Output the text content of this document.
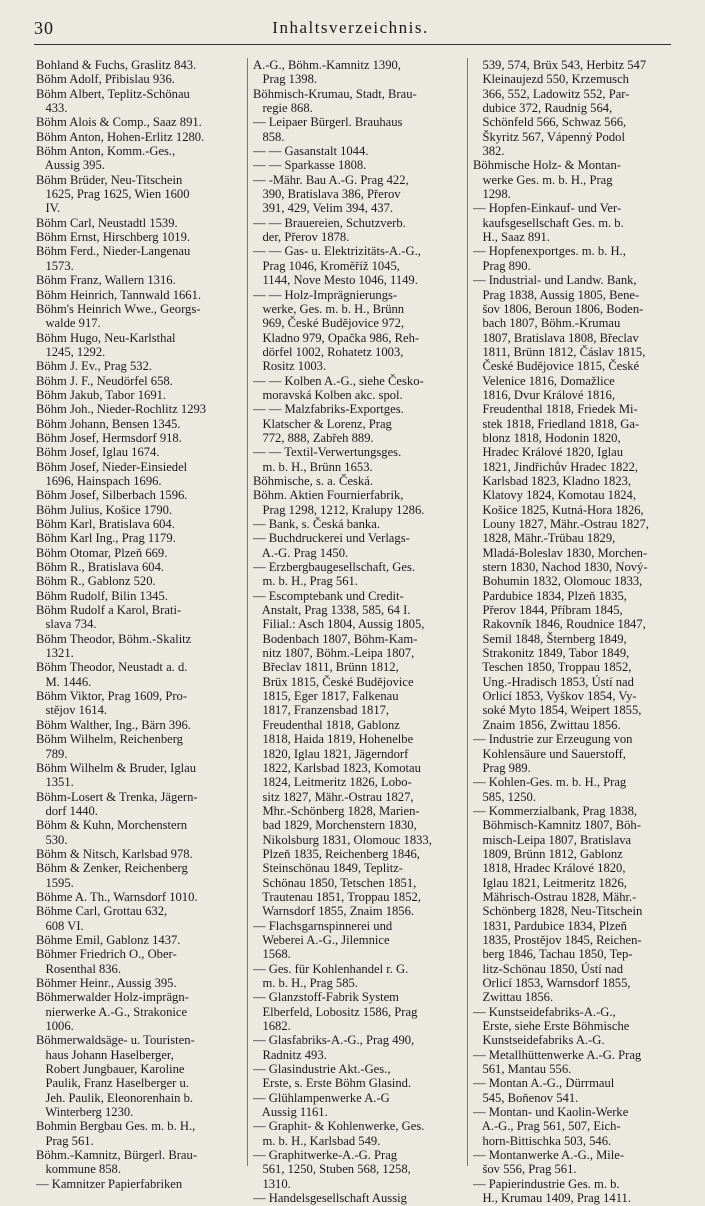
30	Inhaltsverzeichnis.
Bohland & Fuchs, Graslitz 843.
Böhm Adolf, Přibislau 936.
Böhm Albert, Teplitz-Schönau
433.
Böhm Alois & Comp., Saaz 891.
Böhm Anton, Hohen-Erlitz 1280.
Böhm Anton, Komm.-Ges.,
Aussig 395.
Böhm Brüder, Neu-Titschein
1625, Prag 1625, Wien 1600
IV.
Böhm Carl, Neustadtl 1539.
Böhm Ernst, Hirschberg 1019.
Böhm Ferd., Nieder-Langenau
1573.
Böhm Franz, Wallern 1316.
Böhm Heinrich, Tannwald 1661.
Böhm's Heinrich Wwe., Georgs-
walde 917.
Böhm Hugo, Neu-Karlsthal
1245, 1292.
Böhm J. Ev., Prag 532.
Böhm J. F., Neudörfel 658.
Böhm Jakub, Tabor 1691.
Böhm Joh., Nieder-Rochlitz 1293
Böhm Johann, Bensen 1345.
Böhm Josef, Hermsdorf 918.
Böhm Josef, Iglau 1674.
Böhm Josef, Nieder-Einsiedel
1696, Hainspach 1696.
Böhm Josef, Silberbach 1596.
Böhm Julius, Košice 1790.
Böhm Karl, Bratislava 604.
Böhm Karl Ing., Prag 1179.
Böhm Otomar, Plzeň 669.
Böhm R., Bratislava 604.
Böhm R., Gablonz 520.
Böhm Rudolf, Bilin 1345.
Böhm Rudolf a Karol, Brati-
slava 734.
Böhm Theodor, Böhm.-Skalitz
1321.
Böhm Theodor, Neustadt a. d.
M. 1446.
Böhm Viktor, Prag 1609, Pro-
stějov 1614.
Böhm Walther, Ing., Bärn 396.
Böhm Wilhelm, Reichenberg
789.
Böhm Wilhelm & Bruder, Iglau
1351.
Böhm-Losert & Trenka, Jägern-
dorf 1440.
Böhm & Kuhn, Morchenstern
530.
Böhm & Nitsch, Karlsbad 978.
Böhm & Zenker, Reichenberg
1595.
Böhme A. Th., Warnsdorf 1010.
Böhme Carl, Grottau 632,
608 VI.
Böhme Emil, Gablonz 1437.
Böhmer Friedrich O., Ober-
Rosenthal 836.
Böhmer Heinr., Aussig 395.
Böhmerwalder Holz-imprägn-
nierwerke A.-G., Strakonice
1006.
Böhmerwaldsäge- u. Touristen-
haus Johann Haselberger,
Robert Jungbauer, Karoline
Paulik, Franz Haselberger u.
Jeh. Paulik, Eleonorenhain b.
Winterberg 1230.
Bohmin Bergbau Ges. m. b. H.,
Prag 561.
Böhm.-Kamnitz, Bürgerl. Brau-
kommune 858.
— Kamnitzer Papierfabriken
A.-G., Böhm.-Kamnitz 1390,
Prag 1398.
Böhmisch-Krumau, Stadt, Brau-
regie 868.
— Leipaer Bürgerl. Brauhaus
858.
— — Gasanstalt 1044.
— — Sparkasse 1808.
— -Mähr. Bau A.-G. Prag 422,
390, Bratislava 386, Přerov
391, 429, Velim 394, 437.
— — Brauereien, Schutzverb.
der, Přerov 1878.
— — Gas- u. Elektrizitäts-A.-G.,
Prag 1046, Kroměříž 1045,
1144, Nove Mesto 1046, 1149.
— — Holz-Imprägnierungs-
werke, Ges. m. b. H., Brünn
969, České Budějovice 972,
Kladno 979, Opačka 986, Reh-
dörfel 1002, Rohatetz 1003,
Rositz 1003.
— — Kolben A.-G., siehe Česko-
moravská Kolben akc. spol.
— — Malzfabriks-Exportges.
Klatscher & Lorenz, Prag
772, 888, Zabřeh 889.
— — Textil-Verwertungsges.
m. b. H., Brünn 1653.
Böhmische, s. a. Česká.
Böhm. Aktien Fournierfabrik,
Prag 1298, 1212, Kralupy 1286.
— Bank, s. Česká banka.
— Buchdruckerei und Verlags-
A.-G. Prag 1450.
— Erzbergbaugesellschaft, Ges.
m. b. H., Prag 561.
— Escomptebank und Credit-
Anstalt, Prag 1338, 585, 64 I.
Filial.: Asch 1804, Aussig 1805,
Bodenbach 1807, Böhm-Kam-
nitz 1807, Böhm.-Leipa 1807,
Břeclav 1811, Brünn 1812,
Brüx 1815, České Budějovice
1815, Eger 1817, Falkenau
1817, Franzensbad 1817,
Freudenthal 1818, Gablonz
1818, Haida 1819, Hohenelbe
1820, Iglau 1821, Jägerndorf
1822, Karlsbad 1823, Komotau
1824, Leitmeritz 1826, Lobo-
sitz 1827, Mähr.-Ostrau 1827,
Mhr.-Schönberg 1828, Marien-
bad 1829, Morchenstern 1830,
Nikolsburg 1831, Olomouc 1833,
Plzeň 1835, Reichenberg 1846,
Steinschönau 1849, Teplitz-
Schönau 1850, Tetschen 1851,
Trautenau 1851, Troppau 1852,
Warnsdorf 1855, Znaim 1856.
— Flachsgarnspinnerei und
Weberei A.-G., Jilemnice
1568.
— Ges. für Kohlenhandel r. G.
m. b. H., Prag 585.
— Glanzstoff-Fabrik System
Elberfeld, Lobositz 1586, Prag
1682.
— Glasfabriks-A.-G., Prag 490,
Radnitz 493.
— Glasindustrie Akt.-Ges.,
Erste, s. Erste Böhm Glasind.
— Glühlampenwerke A.-G
Aussig 1161.
— Graphit- & Kohlenwerke, Ges.
m. b. H., Karlsbad 549.
— Graphitwerke-A.-G. Prag
561, 1250, Stuben 568, 1258,
1310.
— Handelsgesellschaft Aussig
539, 574, Brüx 543, Herbitz 547
Kleinaujezd 550, Krzemusch
366, 552, Ladowitz 552, Par-
dubice 372, Raudnig 564,
Schönfeld 566, Schwaz 566,
Škyritz 567, Vápenný Podol
382.
Böhmische Holz- & Montan-
werke Ges. m. b. H., Prag
1298.
— Hopfen-Einkauf- und Ver-
kaufsgesellschaft Ges. m. b.
H., Saaz 891.
— Hopfenexportges. m. b. H.,
Prag 890.
— Industrial- und Landw. Bank,
Prag 1838, Aussig 1805, Bene-
šov 1806, Beroun 1806, Boden-
bach 1807, Böhm.-Krumau
1807, Bratislava 1808, Břeclav
1811, Brünn 1812, Čáslav 1815,
České Budějovice 1815, České
Velenice 1816, Domažlice
1816, Dvur Králové 1816,
Freudenthal 1818, Friedek Mi-
stek 1818, Friedland 1818, Ga-
blonz 1818, Hodonin 1820,
Hradec Králové 1820, Iglau
1821, Jindřichův Hradec 1822,
Karlsbad 1823, Kladno 1823,
Klatovy 1824, Komotau 1824,
Košice 1825, Kutná-Hora 1826,
Louny 1827, Mähr.-Ostrau 1827,
1828, Mähr.-Trübau 1829,
Mladá-Boleslav 1830, Morchen-
stern 1830, Nachod 1830, Nový-
Bohumin 1832, Olomouc 1833,
Pardubice 1834, Plzeň 1835,
Přerov 1844, Příbram 1845,
Rakovník 1846, Roudnice 1847,
Semil 1848, Šternberg 1849,
Strakonitz 1849, Tabor 1849,
Teschen 1850, Troppau 1852,
Ung.-Hradisch 1853, Ústí nad
Orlicí 1853, Vyškov 1854, Vy-
soké Myto 1854, Weipert 1855,
Znaim 1856, Zwittau 1856.
— Industrie zur Erzeugung von
Kohlensäure und Sauerstoff,
Prag 989.
— Kohlen-Ges. m. b. H., Prag
585, 1250.
— Kommerzialbank, Prag 1838,
Böhmisch-Kamnitz 1807, Böh-
misch-Leipa 1807, Bratislava
1809, Brünn 1812, Gablonz
1818, Hradec Králové 1820,
Iglau 1821, Leitmeritz 1826,
Mährisch-Ostrau 1828, Mähr.-
Schönberg 1828, Neu-Titschein
1831, Pardubice 1834, Plzeň
1835, Prostějov 1845, Reichen-
berg 1846, Tachau 1850, Tep-
litz-Schönau 1850, Ústí nad
Orlicí 1853, Warnsdorf 1855,
Zwittau 1856.
— Kunstseidefabriks-A.-G.,
Erste, siehe Erste Böhmische
Kunstseidefabriks A.-G.
— Metallhüttenwerke A.-G. Prag
561, Mantau 556.
— Montan A.-G., Dürrmaul
545, Boňenov 541.
— Montan- und Kaolin-Werke
A.-G., Prag 561, 507, Eich-
horn-Bittischka 503, 546.
— Montanwerke A.-G., Mile-
šov 556, Prag 561.
— Papierindustrie Ges. m. b.
H., Krumau 1409, Prag 1411.
